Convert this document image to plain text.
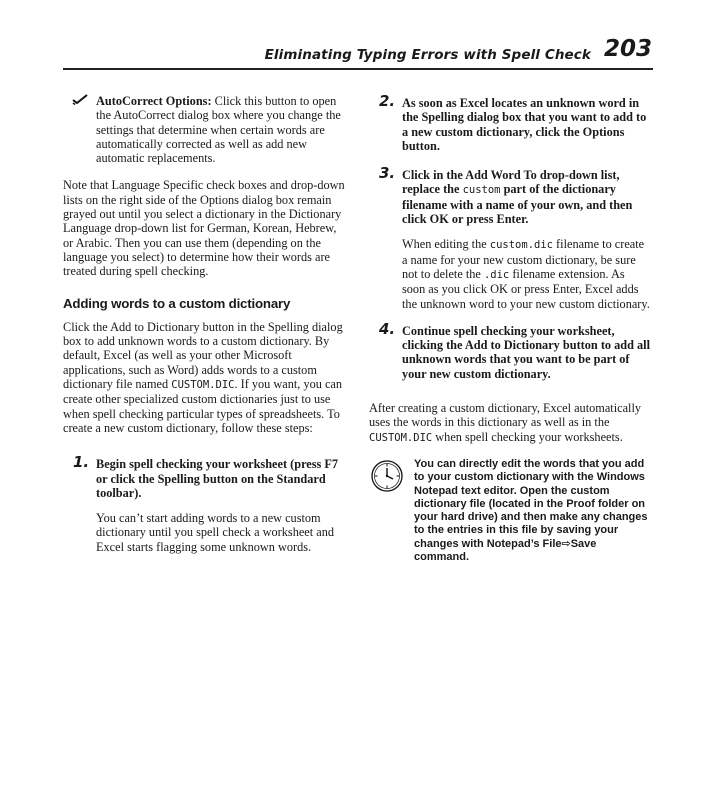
Eliminating Typing Errors with Spell Check 203
AutoCorrect Options: Click this button to open the AutoCorrect dialog box where you change the settings that determine when certain words are automatically corrected as well as add new automatic replacements.

Note that Language Specific check boxes and drop-down lists on the right side of the Options dialog box remain grayed out until you select a dictionary in the Dictionary Language drop-down list for German, Korean, Hebrew, or Arabic. Then you can use them (depending on the language you select) to determine how their words are treated during spell checking.

Adding words to a custom dictionary

Click the Add to Dictionary button in the Spelling dialog box to add unknown words to a custom dictionary. By default, Excel (as well as your other Microsoft applications, such as Word) adds words to a custom dictionary file named CUSTOM.DIC. If you want, you can create other specialized custom dictionaries just to use when spell checking particular types of spreadsheets. To create a new custom dictionary, follow these steps:

1. Begin spell checking your worksheet (press F7 or click the Spelling button on the Standard toolbar).
You can’t start adding words to a new custom dictionary until you spell check a worksheet and Excel starts flagging some unknown words.
2. As soon as Excel locates an unknown word in the Spelling dialog box that you want to add to a new custom dictionary, click the Options button.
3. Click in the Add Word To drop-down list, replace the custom part of the dictionary filename with a name of your own, and then click OK or press Enter.
When editing the custom.dic filename to create a name for your new custom dictionary, be sure not to delete the .dic filename extension. As soon as you click OK or press Enter, Excel adds the unknown word to your new custom dictionary.
4. Continue spell checking your worksheet, clicking the Add to Dictionary button to add all unknown words that you want to be part of your new custom dictionary.

After creating a custom dictionary, Excel automatically uses the words in this dictionary as well as in the CUSTOM.DIC when spell checking your worksheets.

You can directly edit the words that you add to your custom dictionary with the Windows Notepad text editor. Open the custom dictionary file (located in the Proof folder on your hard drive) and then make any changes to the entries in this file by saving your changes with Notepad’s File⇨Save command.
